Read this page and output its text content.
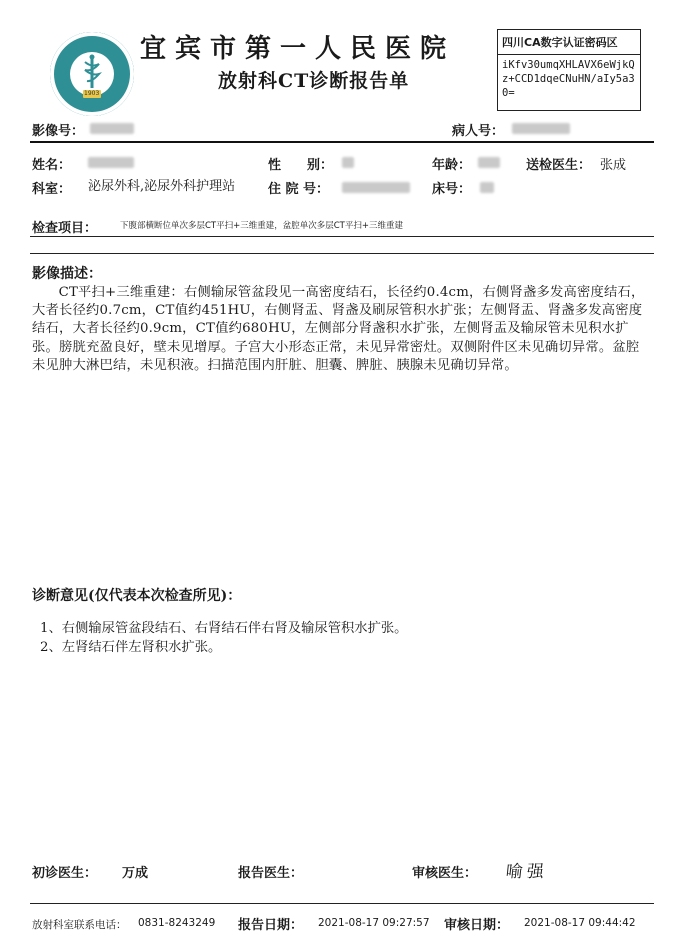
1903
宜宾市第一人民医院
放射科CT诊断报告单
四川CA数字认证密码区
iKfv30umqXHLAVX6eWjkQz+CCD1dqeCNuHN/aIy5a30=
影像号：	病人号：
姓名：	性　　别：	年龄：	送检医生： 张成
科室： 泌尿外科,泌尿外科护理站	住 院 号：	床号：
检查项目：	下腹部横断位单次多层CT平扫+三维重建，盆腔单次多层CT平扫+三维重建
影像描述：
CT平扫+三维重建：右侧输尿管盆段见一高密度结石，长径约0.4cm，右侧肾盏多发高密度结石，大者长径约0.7cm，CT值约451HU，右侧肾盂、肾盏及刷尿管积水扩张；左侧肾盂、肾盏多发高密度结石，大者长径约0.9cm，CT值约680HU，左侧部分肾盏积水扩张，左侧肾盂及输尿管未见积水扩张。膀胱充盈良好，壁未见增厚。子宫大小形态正常，未见异常密灶。双侧附件区未见确切异常。盆腔未见肿大淋巴结，未见积液。扫描范围内肝脏、胆囊、脾脏、胰腺未见确切异常。
诊断意见(仅代表本次检查所见)：
1、右侧输尿管盆段结石、右肾结石伴右肾及输尿管积水扩张。
2、左肾结石伴左肾积水扩张。
初诊医生： 万成	报告医生：	审核医生： 喻强
放射科室联系电话： 0831-8243249 报告日期： 2021-08-17 09:27:57 审核日期： 2021-08-17 09:44:42
